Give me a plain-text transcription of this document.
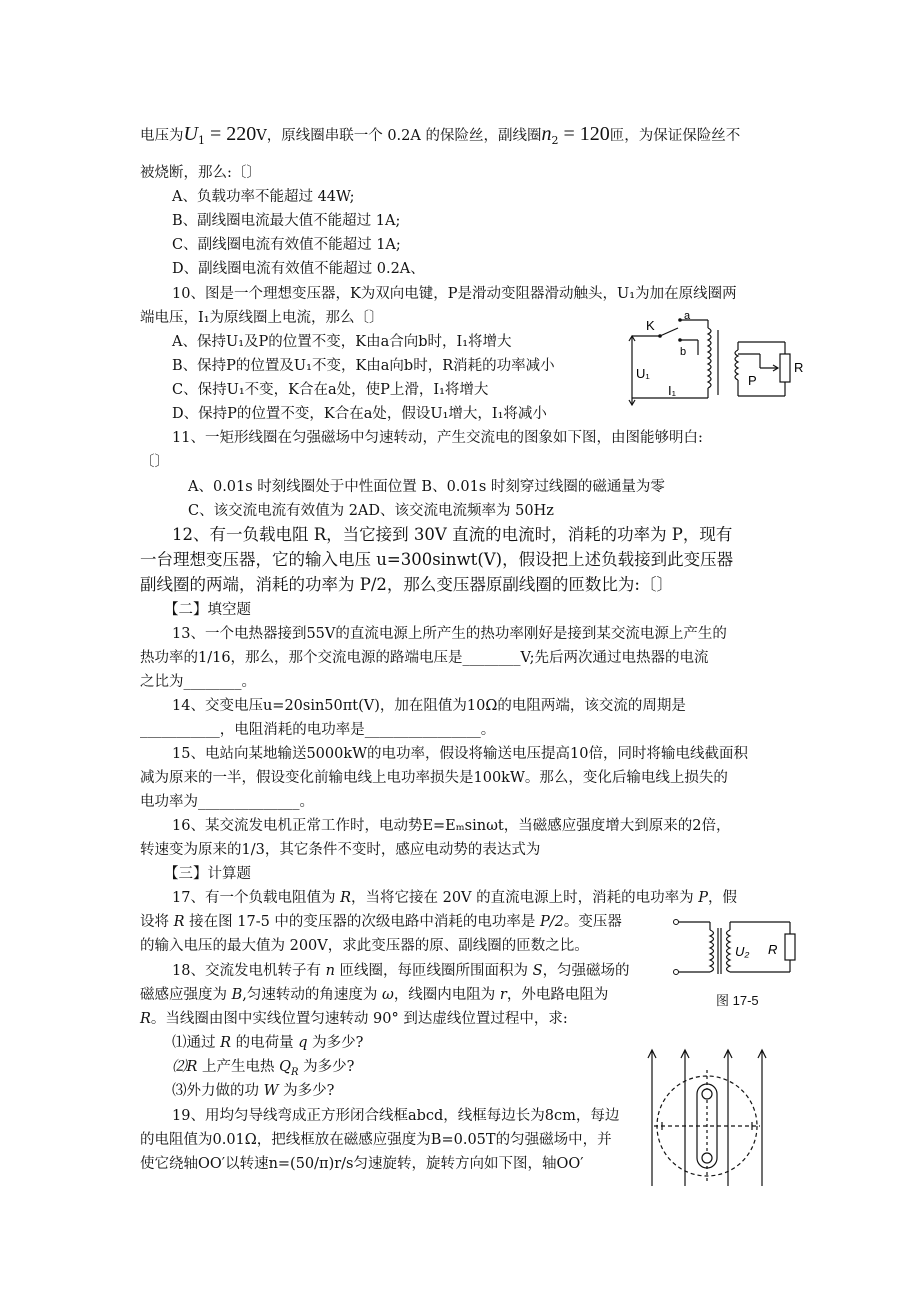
电压为$U_1 = 220V$，原线圈串联一个 0.2A 的保险丝，副线圈$n_2 = 120$匝，为保证保险丝不
被烧断，那么:〔〕
A、负载功率不能超过 44W;
B、副线圈电流最大值不能超过 1A;
C、副线圈电流有效值不能超过 1A;
D、副线圈电流有效值不能超过 0.2A、
10、图是一个理想变压器，K为双向电键，P是滑动变阻器滑动触头，U₁为加在原线圈两
端电压，I₁为原线圈上电流，那么〔〕
A、保持U₁及P的位置不变，K由a合向b时，I₁将增大
B、保持P的位置及U₁不变，K由a向b时，R消耗的功率减小
C、保持U₁不变，K合在a处，使P上滑，I₁将增大
D、保持P的位置不变，K合在a处，假设U₁增大，I₁将减小
K
a
b
U₁
I₁
P
R
11、一矩形线圈在匀强磁场中匀速转动，产生交流电的图象如下图，由图能够明白:
〔〕
A、0.01s 时刻线圈处于中性面位置 B、0.01s 时刻穿过线圈的磁通量为零
C、该交流电流有效值为 2AD、该交流电流频率为 50Hz
12、有一负载电阻 R，当它接到 30V 直流的电流时，消耗的功率为 P，现有
一台理想变压器，它的输入电压 u=300sinwt(V)，假设把上述负载接到此变压器
副线圈的两端，消耗的功率为 P/2，那么变压器原副线圈的匝数比为:〔〕
【二】填空题
13、一个电热器接到55V的直流电源上所产生的热功率刚好是接到某交流电源上产生的
热功率的1/16，那么，那个交流电源的路端电压是________V;先后两次通过电热器的电流
之比为________。
14、交变电压u=20sin50πt(V)，加在阻值为10Ω的电阻两端，该交流的周期是
___________，电阻消耗的电功率是________________。
15、电站向某地输送5000kW的电功率，假设将输送电压提高10倍，同时将输电线截面积
减为原来的一半，假设变化前输电线上电功率损失是100kW。那么，变化后输电线上损失的
电功率为______________。
16、某交流发电机正常工作时，电动势E=Eₘsinωt，当磁感应强度增大到原来的2倍，
转速变为原来的1/3，其它条件不变时，感应电动势的表达式为
【三】计算题
17、有一个负载电阻值为 R，当将它接在 20V 的直流电源上时，消耗的电功率为 P，假
设将 R 接在图 17-5 中的变压器的次级电路中消耗的电功率是 P/2。变压器
的输入电压的最大值为 200V，求此变压器的原、副线圈的匝数之比。	U₂ R
图 17-5
18、交流发电机转子有 n 匝线圈，每匝线圈所围面积为 S，匀强磁场的
磁感应强度为 B,匀速转动的角速度为 ω，线圈内电阻为 r，外电路电阻为
R。当线圈由图中实线位置匀速转动 90° 到达虚线位置过程中，求:
⑴通过 R 的电荷量 q 为多少?
⑵R 上产生电热 $Q_R$ 为多少?
⑶外力做的功 W 为多少?
19、用均匀导线弯成正方形闭合线框abcd，线框每边长为8cm，每边
的电阻值为0.01Ω，把线框放在磁感应强度为B=0.05T的匀强磁场中，并
使它绕轴OO′以转速n=(50/π)r/s匀速旋转，旋转方向如下图，轴OO′
